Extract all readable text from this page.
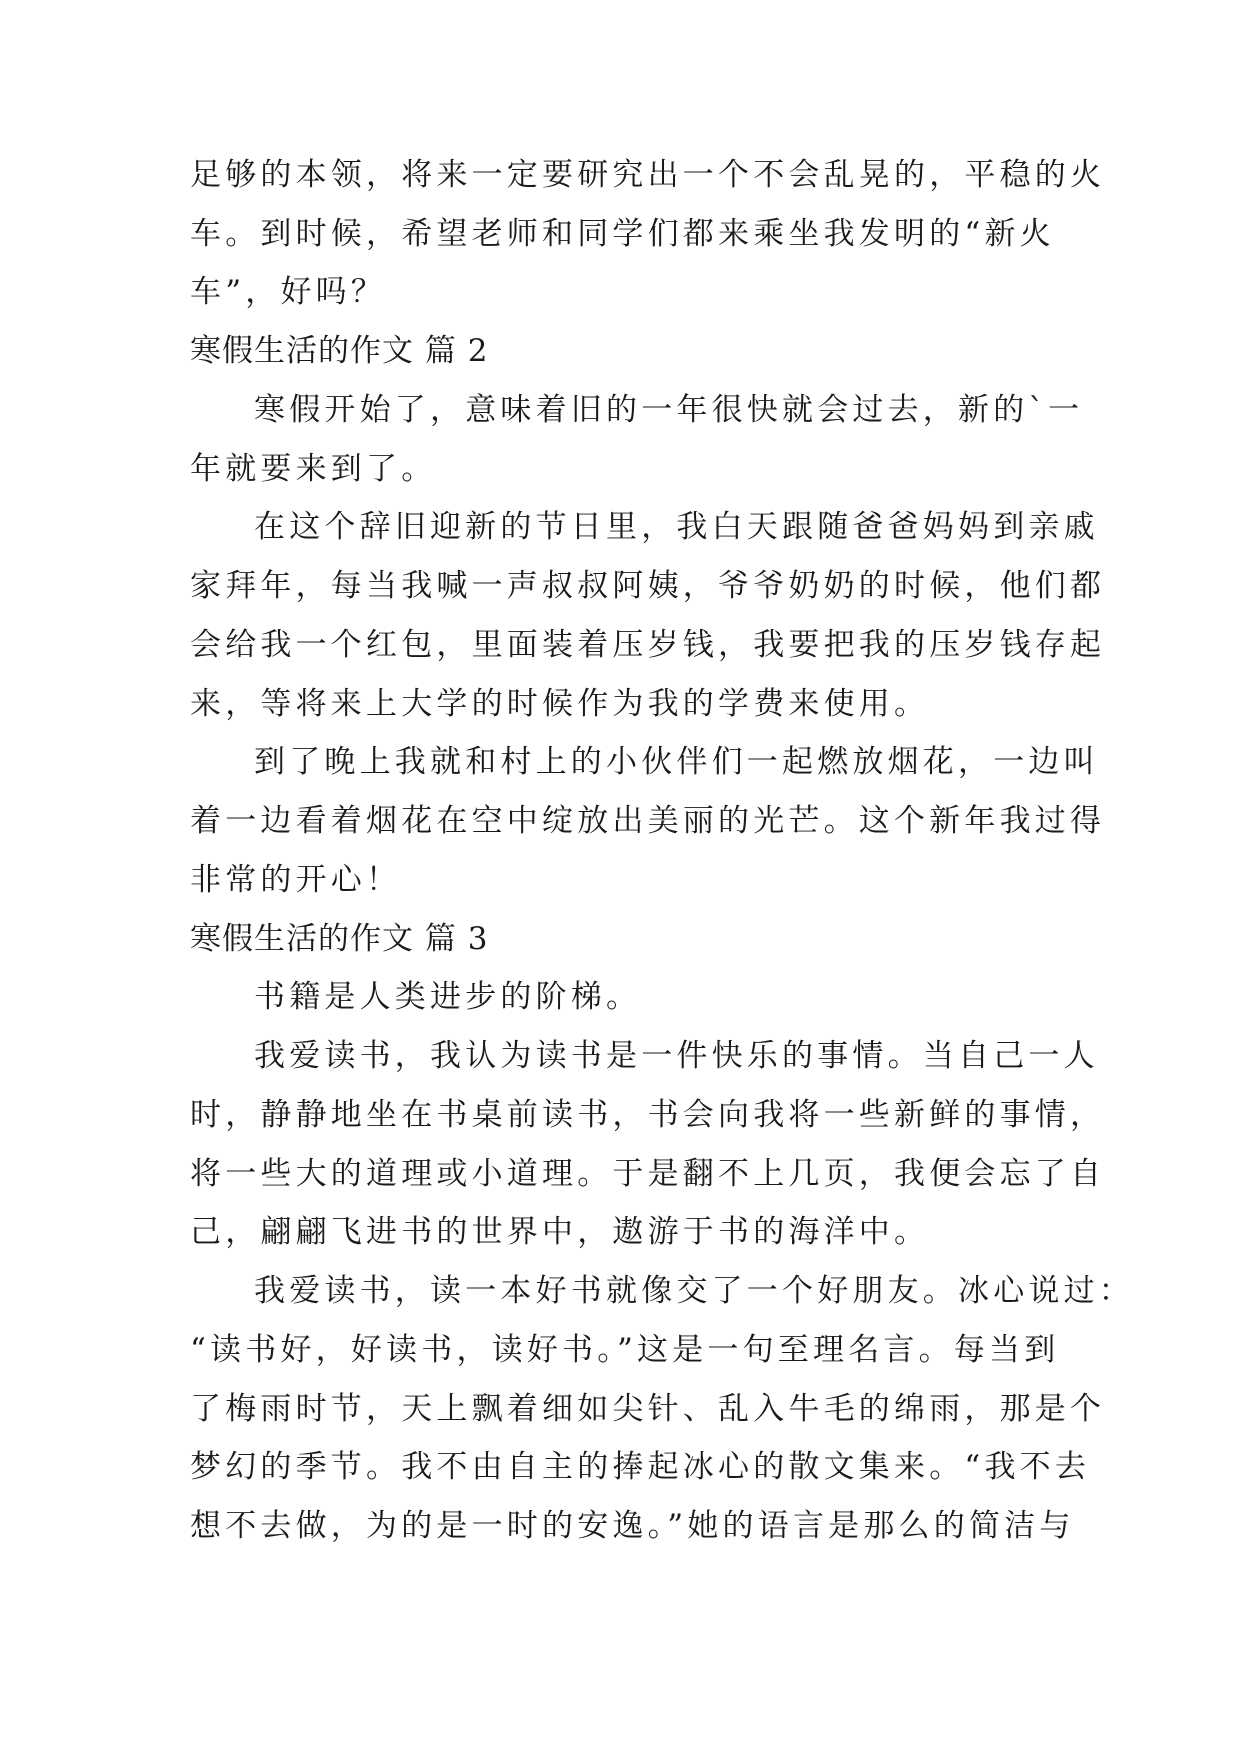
足够的本领，将来一定要研究出一个不会乱晃的，平稳的火
车。到时候，希望老师和同学们都来乘坐我发明的“新火
车”，好吗？
寒假生活的作文 篇 2
寒假开始了，意味着旧的一年很快就会过去，新的`一
年就要来到了。
在这个辞旧迎新的节日里，我白天跟随爸爸妈妈到亲戚
家拜年，每当我喊一声叔叔阿姨，爷爷奶奶的时候，他们都
会给我一个红包，里面装着压岁钱，我要把我的压岁钱存起
来，等将来上大学的时候作为我的学费来使用。
到了晚上我就和村上的小伙伴们一起燃放烟花，一边叫
着一边看着烟花在空中绽放出美丽的光芒。这个新年我过得
非常的开心！
寒假生活的作文 篇 3
书籍是人类进步的阶梯。
我爱读书，我认为读书是一件快乐的事情。当自己一人
时，静静地坐在书桌前读书，书会向我将一些新鲜的事情，
将一些大的道理或小道理。于是翻不上几页，我便会忘了自
己，翩翩飞进书的世界中，遨游于书的海洋中。
我爱读书，读一本好书就像交了一个好朋友。冰心说过：
“读书好，好读书，读好书。”这是一句至理名言。每当到
了梅雨时节，天上飘着细如尖针、乱入牛毛的绵雨，那是个
梦幻的季节。我不由自主的捧起冰心的散文集来。“我不去
想不去做，为的是一时的安逸。”她的语言是那么的简洁与
